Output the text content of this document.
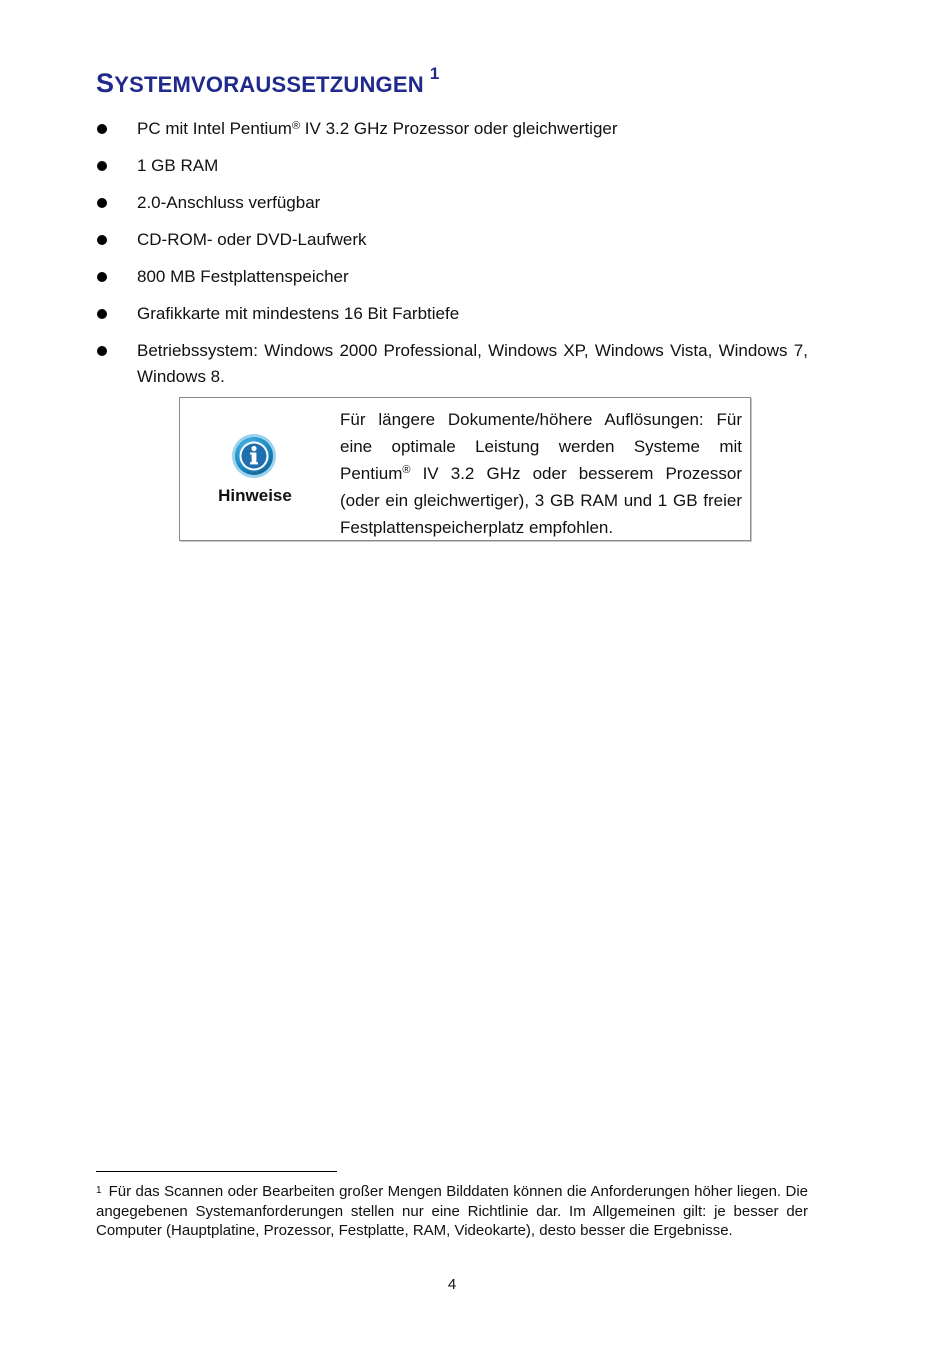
SYSTEMVORAUSSETZUNGEN $^1$
PC mit Intel Pentium® IV 3.2 GHz Prozessor oder gleichwertiger
1 GB RAM
2.0-Anschluss verfügbar
CD-ROM- oder DVD-Laufwerk
800 MB Festplattenspeicher
Grafikkarte mit mindestens 16 Bit Farbtiefe
Betriebssystem: Windows 2000 Professional, Windows XP, Windows Vista, Windows 7, Windows 8.
Hinweise
Für längere Dokumente/höhere Auflösungen: Für eine optimale Leistung werden Systeme mit Pentium® IV 3.2 GHz oder besserem Prozessor (oder ein gleichwertiger), 3 GB RAM und 1 GB freier Festplattenspeicherplatz empfohlen.
$^1$ Für das Scannen oder Bearbeiten großer Mengen Bilddaten können die Anforderungen höher liegen. Die angegebenen Systemanforderungen stellen nur eine Richtlinie dar. Im Allgemeinen gilt: je besser der Computer (Hauptplatine, Prozessor, Festplatte, RAM, Videokarte), desto besser die Ergebnisse.
4
